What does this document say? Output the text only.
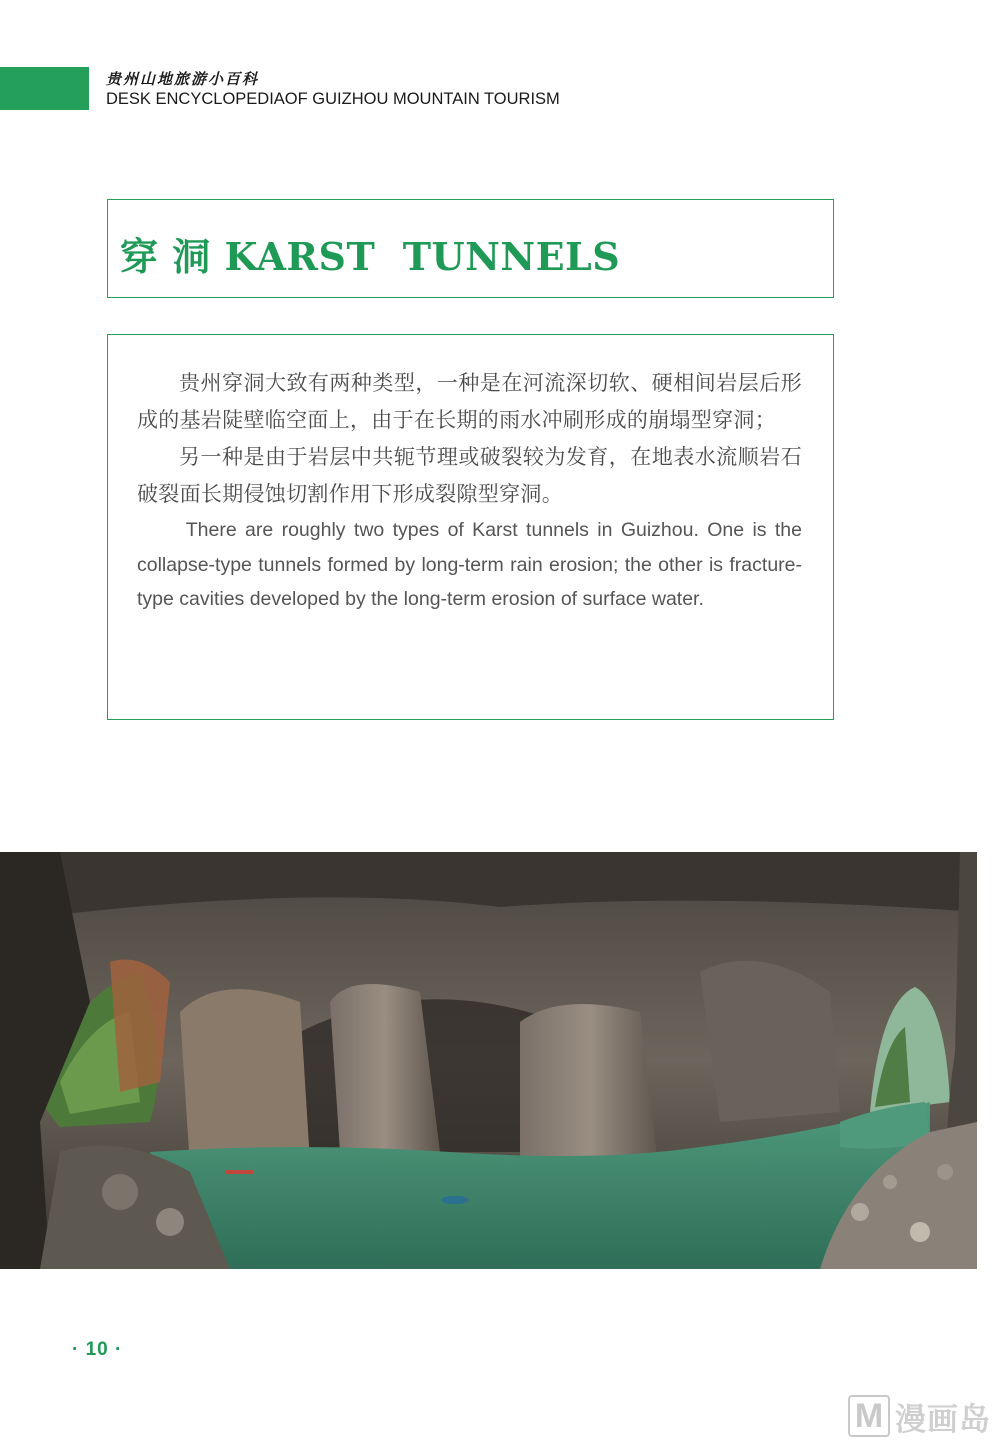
贵州山地旅游小百科
DESK ENCYCLOPEDIAOF GUIZHOU MOUNTAIN TOURISM
穿 洞 KARST  TUNNELS

贵州穿洞大致有两种类型，一种是在河流深切软、硬相间岩层后形成的基岩陡壁临空面上，由于在长期的雨水冲刷形成的崩塌型穿洞；

另一种是由于岩层中共轭节理或破裂较为发育，在地表水流顺岩石破裂面长期侵蚀切割作用下形成裂隙型穿洞。

There are roughly two types of Karst tunnels in Guizhou. One is the collapse-type tunnels formed by long-term rain erosion; the other is fracture-type cavities developed by the long-term erosion of surface water.

· 10 ·
M 漫画岛
